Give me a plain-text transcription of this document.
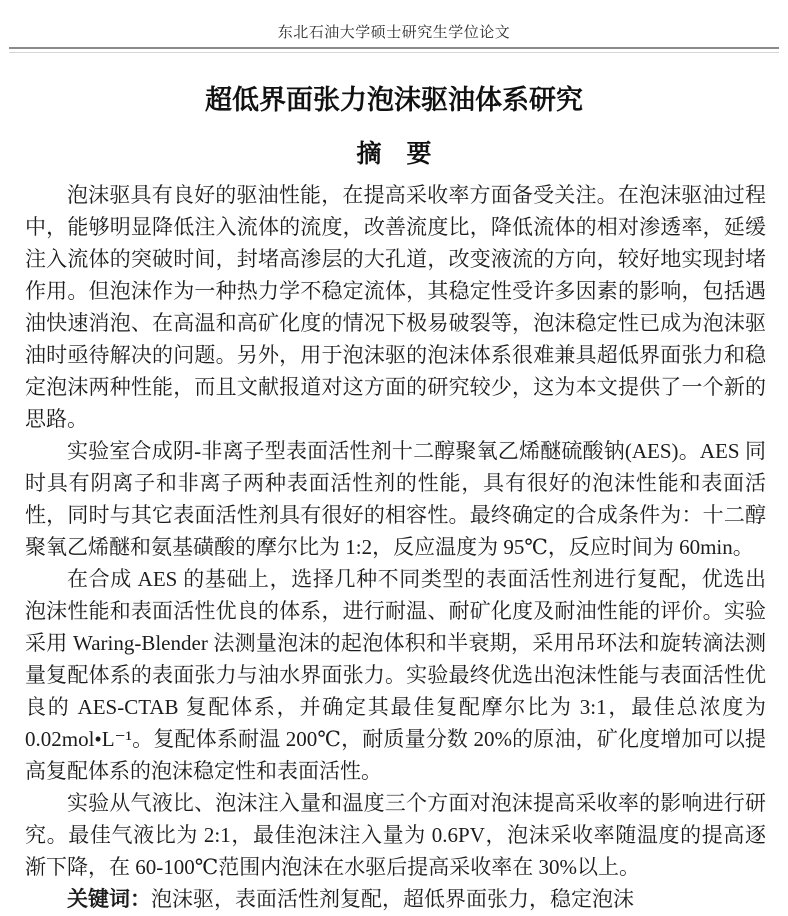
东北石油大学硕士研究生学位论文
超低界面张力泡沫驱油体系研究
摘　要

泡沫驱具有良好的驱油性能，在提高采收率方面备受关注。在泡沫驱油过程中，能够明显降低注入流体的流度，改善流度比，降低流体的相对渗透率，延缓注入流体的突破时间，封堵高渗层的大孔道，改变液流的方向，较好地实现封堵作用。但泡沫作为一种热力学不稳定流体，其稳定性受许多因素的影响，包括遇油快速消泡、在高温和高矿化度的情况下极易破裂等，泡沫稳定性已成为泡沫驱油时亟待解决的问题。另外，用于泡沫驱的泡沫体系很难兼具超低界面张力和稳定泡沫两种性能，而且文献报道对这方面的研究较少，这为本文提供了一个新的思路。

实验室合成阴-非离子型表面活性剂十二醇聚氧乙烯醚硫酸钠(AES)。AES 同时具有阴离子和非离子两种表面活性剂的性能，具有很好的泡沫性能和表面活性，同时与其它表面活性剂具有很好的相容性。最终确定的合成条件为：十二醇聚氧乙烯醚和氨基磺酸的摩尔比为 1:2，反应温度为 95℃，反应时间为 60min。

在合成 AES 的基础上，选择几种不同类型的表面活性剂进行复配，优选出泡沫性能和表面活性优良的体系，进行耐温、耐矿化度及耐油性能的评价。实验采用 Waring-Blender 法测量泡沫的起泡体积和半衰期，采用吊环法和旋转滴法测量复配体系的表面张力与油水界面张力。实验最终优选出泡沫性能与表面活性优良的 AES-CTAB 复配体系，并确定其最佳复配摩尔比为 3:1，最佳总浓度为 0.02mol•L⁻¹。复配体系耐温 200℃，耐质量分数 20%的原油，矿化度增加可以提高复配体系的泡沫稳定性和表面活性。

实验从气液比、泡沫注入量和温度三个方面对泡沫提高采收率的影响进行研究。最佳气液比为 2:1，最佳泡沫注入量为 0.6PV，泡沫采收率随温度的提高逐渐下降，在 60-100℃范围内泡沫在水驱后提高采收率在 30%以上。

关键词：泡沫驱，表面活性剂复配，超低界面张力，稳定泡沫
